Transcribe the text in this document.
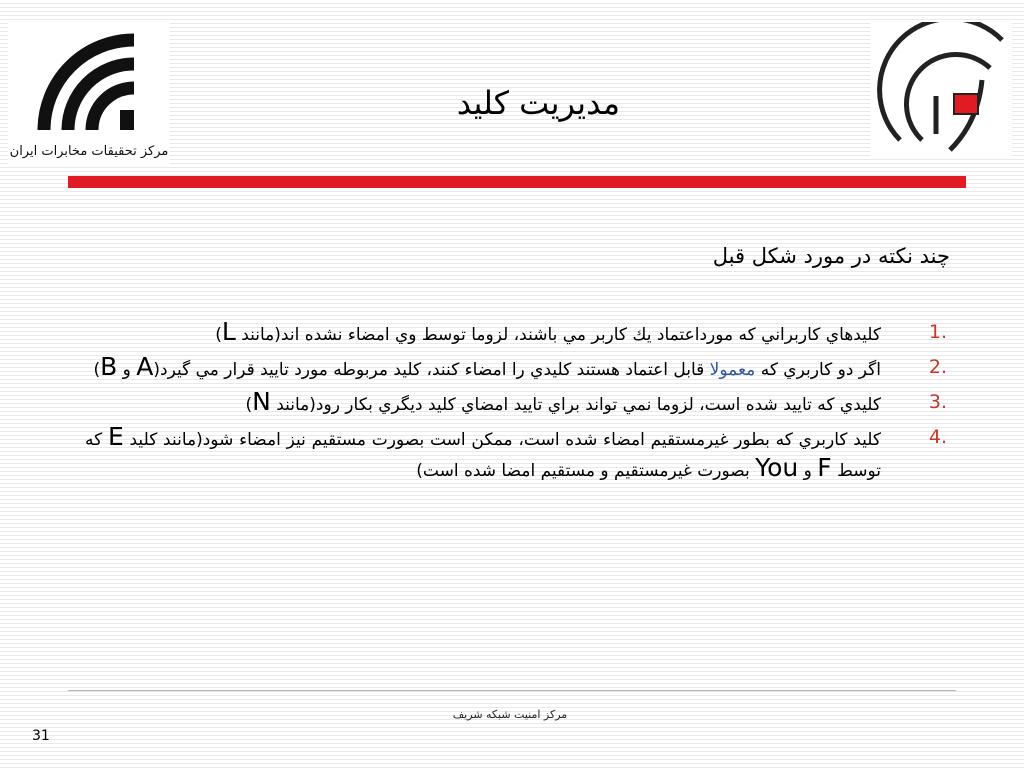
مرکز تحقیقات مخابرات ایران
مديريت كليد
چند نكته در مورد شكل قبل
1.
كليدهاي كاربراني كه مورداعتماد يك كاربر مي باشند، لزوما توسط وي امضاء نشده اند(مانند L)
2.
اگر دو كاربري كه معمولا قابل اعتماد هستند كليدي را امضاء كنند، كليد مربوطه مورد تاييد قرار مي گيرد(A و B)
3.
كليدي كه تاييد شده است، لزوما نمي تواند براي تاييد امضاي كليد ديگري بكار رود(مانند N)
4.
كليد كاربري كه بطور غيرمستقيم امضاء شده است، ممكن است بصورت مستقيم نيز امضاء شود(مانند كليد E كه توسط F و You بصورت غيرمستقيم و مستقيم امضا شده است)
مرکز امنیت شبکه شریف
31
